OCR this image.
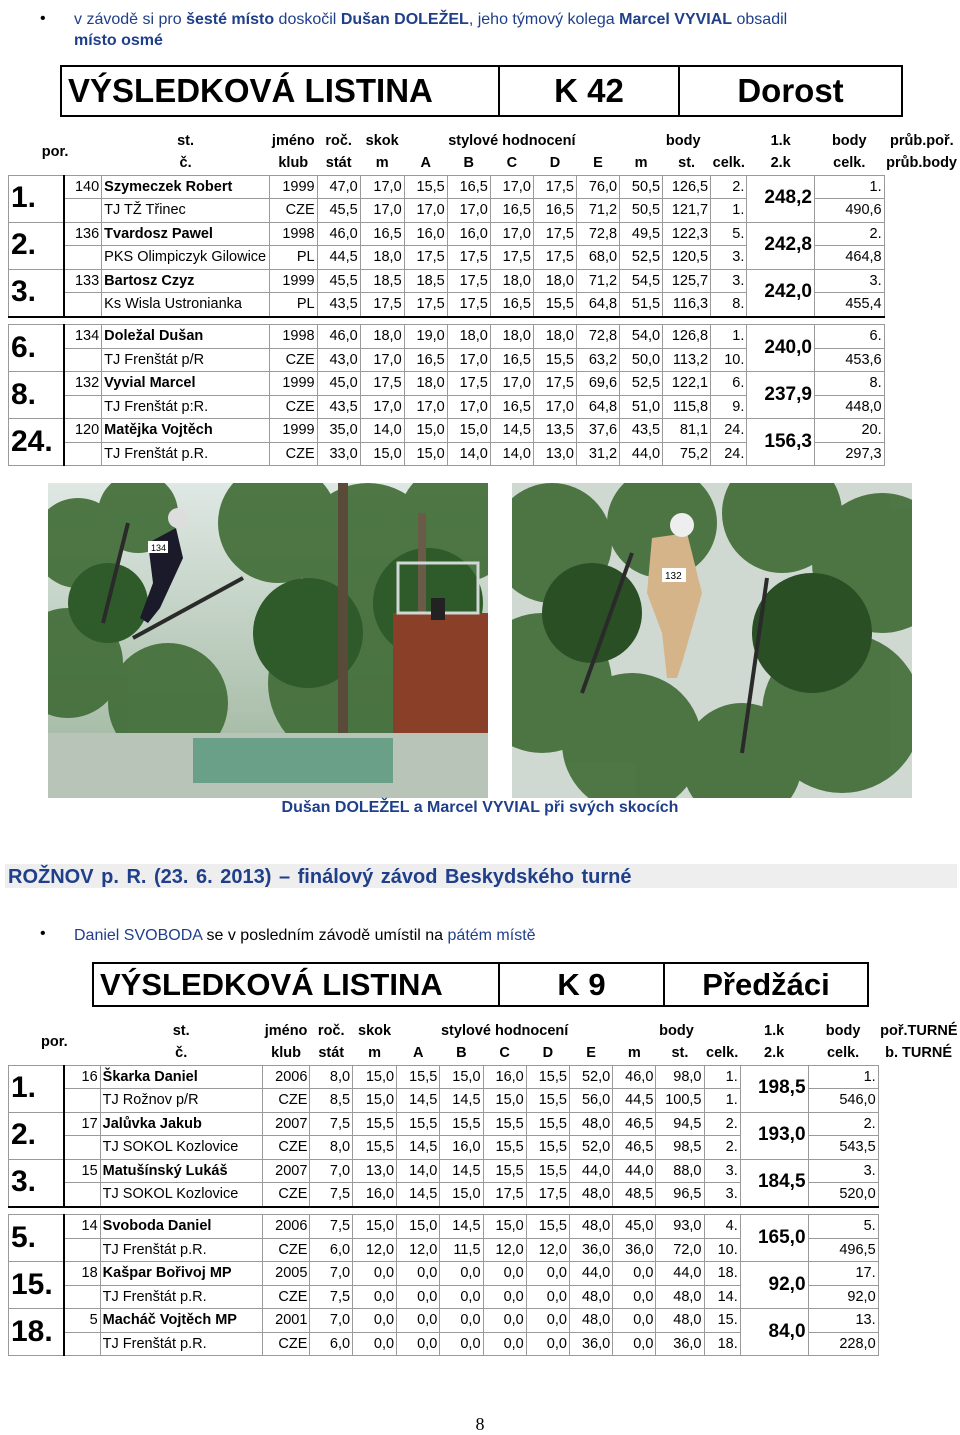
• v závodě si pro šesté místo doskočil Dušan DOLEŽEL, jeho týmový kolega Marcel VYVIAL obsadil
místo osmé
VÝSLEDKOVÁ LISTINA	K 42	Dorost
por.		st.	jméno	roč.	skok	stylové hodnocení					body			1.k	body	průb.poř.
		č.	klub	stát	m	A	B	C	D	E	m	st.	celk.	2.k	celk.	průb.body
1.	140	Szymeczek Robert	1999	47,0	17,0	15,5	16,5	17,0	17,5	76,0	50,5	126,5	2.	248,2	1.	
		TJ TŽ Třinec	CZE	45,5	17,0	17,0	17,0	16,5	16,5	71,2	50,5	121,7	1.		490,6	
2.	136	Tvardosz Pawel	1998	46,0	16,5	16,0	16,0	17,0	17,5	72,8	49,5	122,3	5.	242,8	2.	
		PKS Olimpiczyk Gilowice	PL	44,5	18,0	17,5	17,5	17,5	17,5	68,0	52,5	120,5	3.		464,8	
3.	133	Bartosz Czyz	1999	45,5	18,5	18,5	17,5	18,0	18,0	71,2	54,5	125,7	3.	242,0	3.	
		Ks Wisla Ustronianka	PL	43,5	17,5	17,5	17,5	16,5	15,5	64,8	51,5	116,3	8.		455,4	

6.	134	Doležal Dušan	1998	46,0	18,0	19,0	18,0	18,0	18,0	72,8	54,0	126,8	1.	240,0	6.	
		TJ Frenštát p/R	CZE	43,0	17,0	16,5	17,0	16,5	15,5	63,2	50,0	113,2	10.		453,6	
8.	132	Vyvial Marcel	1999	45,0	17,5	18,0	17,5	17,0	17,5	69,6	52,5	122,1	6.	237,9	8.	
		TJ Frenštát p:R.	CZE	43,5	17,0	17,0	17,0	16,5	17,0	64,8	51,0	115,8	9.		448,0	
24.	120	Matějka Vojtěch	1999	35,0	14,0	15,0	15,0	14,5	13,5	37,6	43,5	81,1	24.	156,3	20.	
		TJ Frenštát p.R.	CZE	33,0	15,0	15,0	14,0	14,0	13,0	31,2	44,0	75,2	24.		297,3	
134
132
Dušan DOLEŽEL a Marcel VYVIAL při svých skocích
ROŽNOV p. R. (23. 6. 2013) – finálový závod Beskydského turné
• Daniel SVOBODA se v posledním závodě umístil na pátém místě
VÝSLEDKOVÁ LISTINA	K 9	Předžáci
por.		st.	jméno	roč.	skok	stylové hodnocení					body			1.k	body	poř.TURNÉ
		č.	klub	stát	m	A	B	C	D	E	m	st.	celk.	2.k	celk.	b. TURNÉ
1.	16	Škarka Daniel	2006	8,0	15,0	15,5	15,0	16,0	15,5	52,0	46,0	98,0	1.	198,5	1.	
		TJ Rožnov p/R	CZE	8,5	15,0	14,5	14,5	15,0	15,5	56,0	44,5	100,5	1.		546,0	
2.	17	Jalůvka Jakub	2007	7,5	15,5	15,5	15,5	15,5	15,5	48,0	46,5	94,5	2.	193,0	2.	
		TJ SOKOL Kozlovice	CZE	8,0	15,5	14,5	16,0	15,5	15,5	52,0	46,5	98,5	2.		543,5	
3.	15	Matušínský Lukáš	2007	7,0	13,0	14,0	14,5	15,5	15,5	44,0	44,0	88,0	3.	184,5	3.	
		TJ SOKOL Kozlovice	CZE	7,5	16,0	14,5	15,0	17,5	17,5	48,0	48,5	96,5	3.		520,0	

5.	14	Svoboda Daniel	2006	7,5	15,0	15,0	14,5	15,0	15,5	48,0	45,0	93,0	4.	165,0	5.	
		TJ Frenštát p.R.	CZE	6,0	12,0	12,0	11,5	12,0	12,0	36,0	36,0	72,0	10.		496,5	
15.	18	Kašpar Bořivoj MP	2005	7,0	0,0	0,0	0,0	0,0	0,0	44,0	0,0	44,0	18.	92,0	17.	
		TJ Frenštát p.R.	CZE	7,5	0,0	0,0	0,0	0,0	0,0	48,0	0,0	48,0	14.		92,0	
18.	5	Macháč Vojtěch MP	2001	7,0	0,0	0,0	0,0	0,0	0,0	48,0	0,0	48,0	15.	84,0	13.	
		TJ Frenštát p.R.	CZE	6,0	0,0	0,0	0,0	0,0	0,0	36,0	0,0	36,0	18.		228,0	
8
